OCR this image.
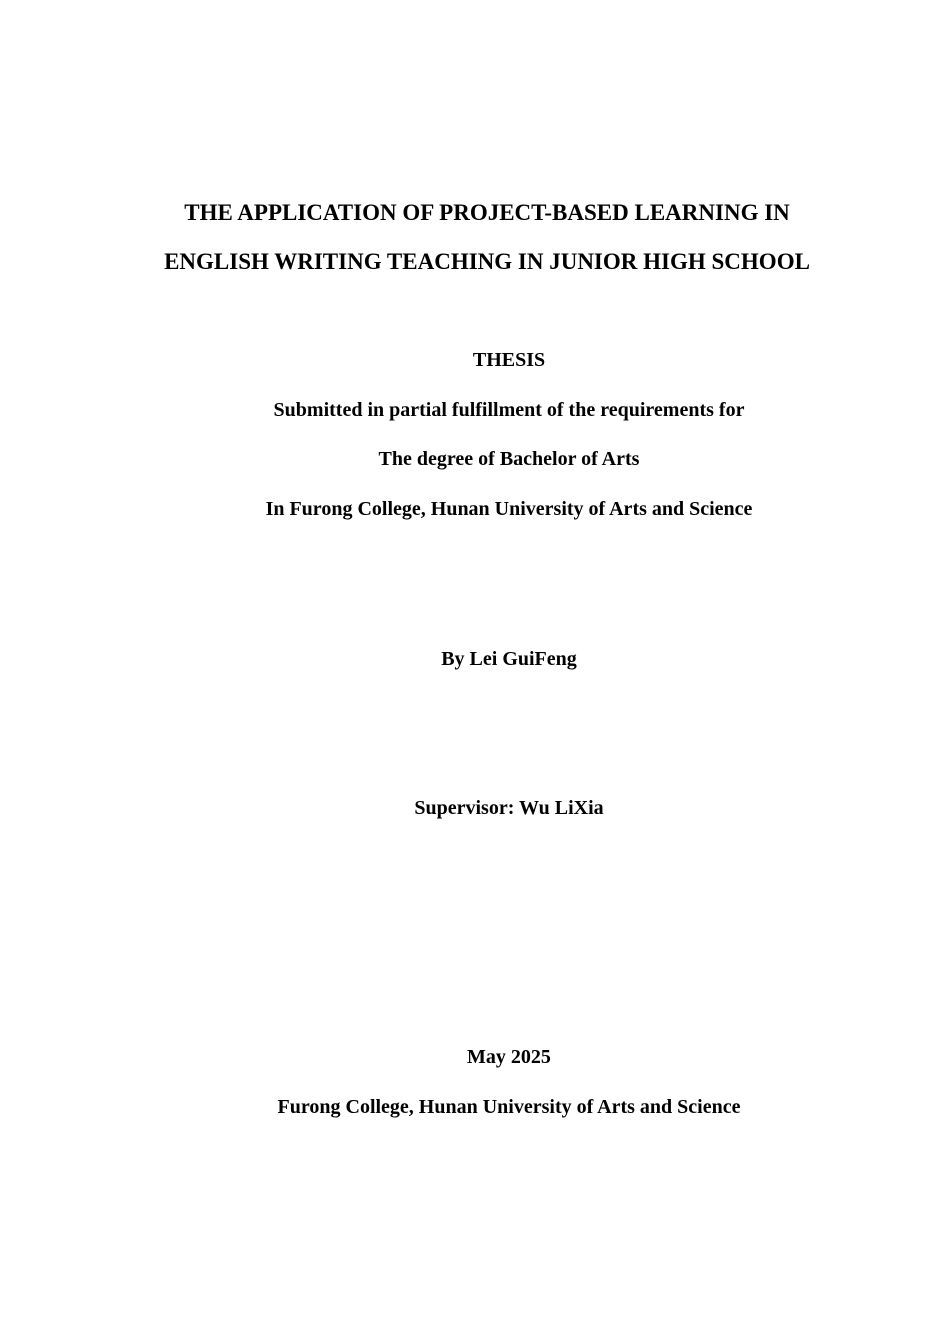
THE APPLICATION OF PROJECT-BASED LEARNING IN
ENGLISH WRITING TEACHING IN JUNIOR HIGH SCHOOL
THESIS
Submitted in partial fulfillment of the requirements for
The degree of Bachelor of Arts
In Furong College, Hunan University of Arts and Science
By Lei GuiFeng
Supervisor: Wu LiXia
May 2025
Furong College, Hunan University of Arts and Science
